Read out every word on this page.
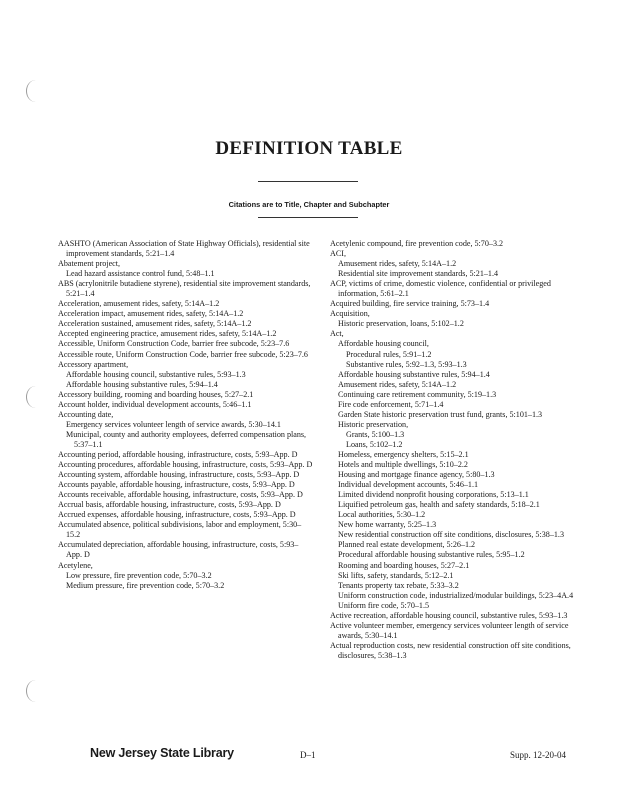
DEFINITION TABLE
Citations are to Title, Chapter and Subchapter

AASHTO (American Association of State Highway Officials), residential site improvement standards, 5:21–1.4

Abatement project,

Lead hazard assistance control fund, 5:48–1.1

ABS (acrylonitrile butadiene styrene), residential site improvement standards, 5:21–1.4

Acceleration, amusement rides, safety, 5:14A–1.2

Acceleration impact, amusement rides, safety, 5:14A–1.2

Acceleration sustained, amusement rides, safety, 5:14A–1.2

Accepted engineering practice, amusement rides, safety, 5:14A–1.2

Accessible, Uniform Construction Code, barrier free subcode, 5:23–7.6

Accessible route, Uniform Construction Code, barrier free subcode, 5:23–7.6

Accessory apartment,

Affordable housing council, substantive rules, 5:93–1.3

Affordable housing substantive rules, 5:94–1.4

Accessory building, rooming and boarding houses, 5:27–2.1

Account holder, individual development accounts, 5:46–1.1

Accounting date,

Emergency services volunteer length of service awards, 5:30–14.1

Municipal, county and authority employees, deferred compensation plans, 5:37–1.1

Accounting period, affordable housing, infrastructure, costs, 5:93–App. D

Accounting procedures, affordable housing, infrastructure, costs, 5:93–App. D

Accounting system, affordable housing, infrastructure, costs, 5:93–App. D

Accounts payable, affordable housing, infrastructure, costs, 5:93–App. D

Accounts receivable, affordable housing, infrastructure, costs, 5:93–App. D

Accrual basis, affordable housing, infrastructure, costs, 5:93–App. D

Accrued expenses, affordable housing, infrastructure, costs, 5:93–App. D

Accumulated absence, political subdivisions, labor and employment, 5:30–15.2

Accumulated depreciation, affordable housing, infrastructure, costs, 5:93–App. D

Acetylene,

Low pressure, fire prevention code, 5:70–3.2

Medium pressure, fire prevention code, 5:70–3.2

Acetylenic compound, fire prevention code, 5:70–3.2

ACI,

Amusement rides, safety, 5:14A–1.2

Residential site improvement standards, 5:21–1.4

ACP, victims of crime, domestic violence, confidential or privileged information, 5:61–2.1

Acquired building, fire service training, 5:73–1.4

Acquisition,

Historic preservation, loans, 5:102–1.2

Act,

Affordable housing council,

Procedural rules, 5:91–1.2

Substantive rules, 5:92–1.3, 5:93–1.3

Affordable housing substantive rules, 5:94–1.4

Amusement rides, safety, 5:14A–1.2

Continuing care retirement community, 5:19–1.3

Fire code enforcement, 5:71–1.4

Garden State historic preservation trust fund, grants, 5:101–1.3

Historic preservation,

Grants, 5:100–1.3

Loans, 5:102–1.2

Homeless, emergency shelters, 5:15–2.1

Hotels and multiple dwellings, 5:10–2.2

Housing and mortgage finance agency, 5:80–1.3

Individual development accounts, 5:46–1.1

Limited dividend nonprofit housing corporations, 5:13–1.1

Liquified petroleum gas, health and safety standards, 5:18–2.1

Local authorities, 5:30–1.2

New home warranty, 5:25–1.3

New residential construction off site conditions, disclosures, 5:38–1.3

Planned real estate development, 5:26–1.2

Procedural affordable housing substantive rules, 5:95–1.2

Rooming and boarding houses, 5:27–2.1

Ski lifts, safety, standards, 5:12–2.1

Tenants property tax rebate, 5:33–3.2

Uniform construction code, industrialized/modular buildings, 5:23–4A.4

Uniform fire code, 5:70–1.5

Active recreation, affordable housing council, substantive rules, 5:93–1.3

Active volunteer member, emergency services volunteer length of service awards, 5:30–14.1

Actual reproduction costs, new residential construction off site conditions, disclosures, 5:38–1.3

New Jersey State Library	D–1	Supp. 12-20-04
